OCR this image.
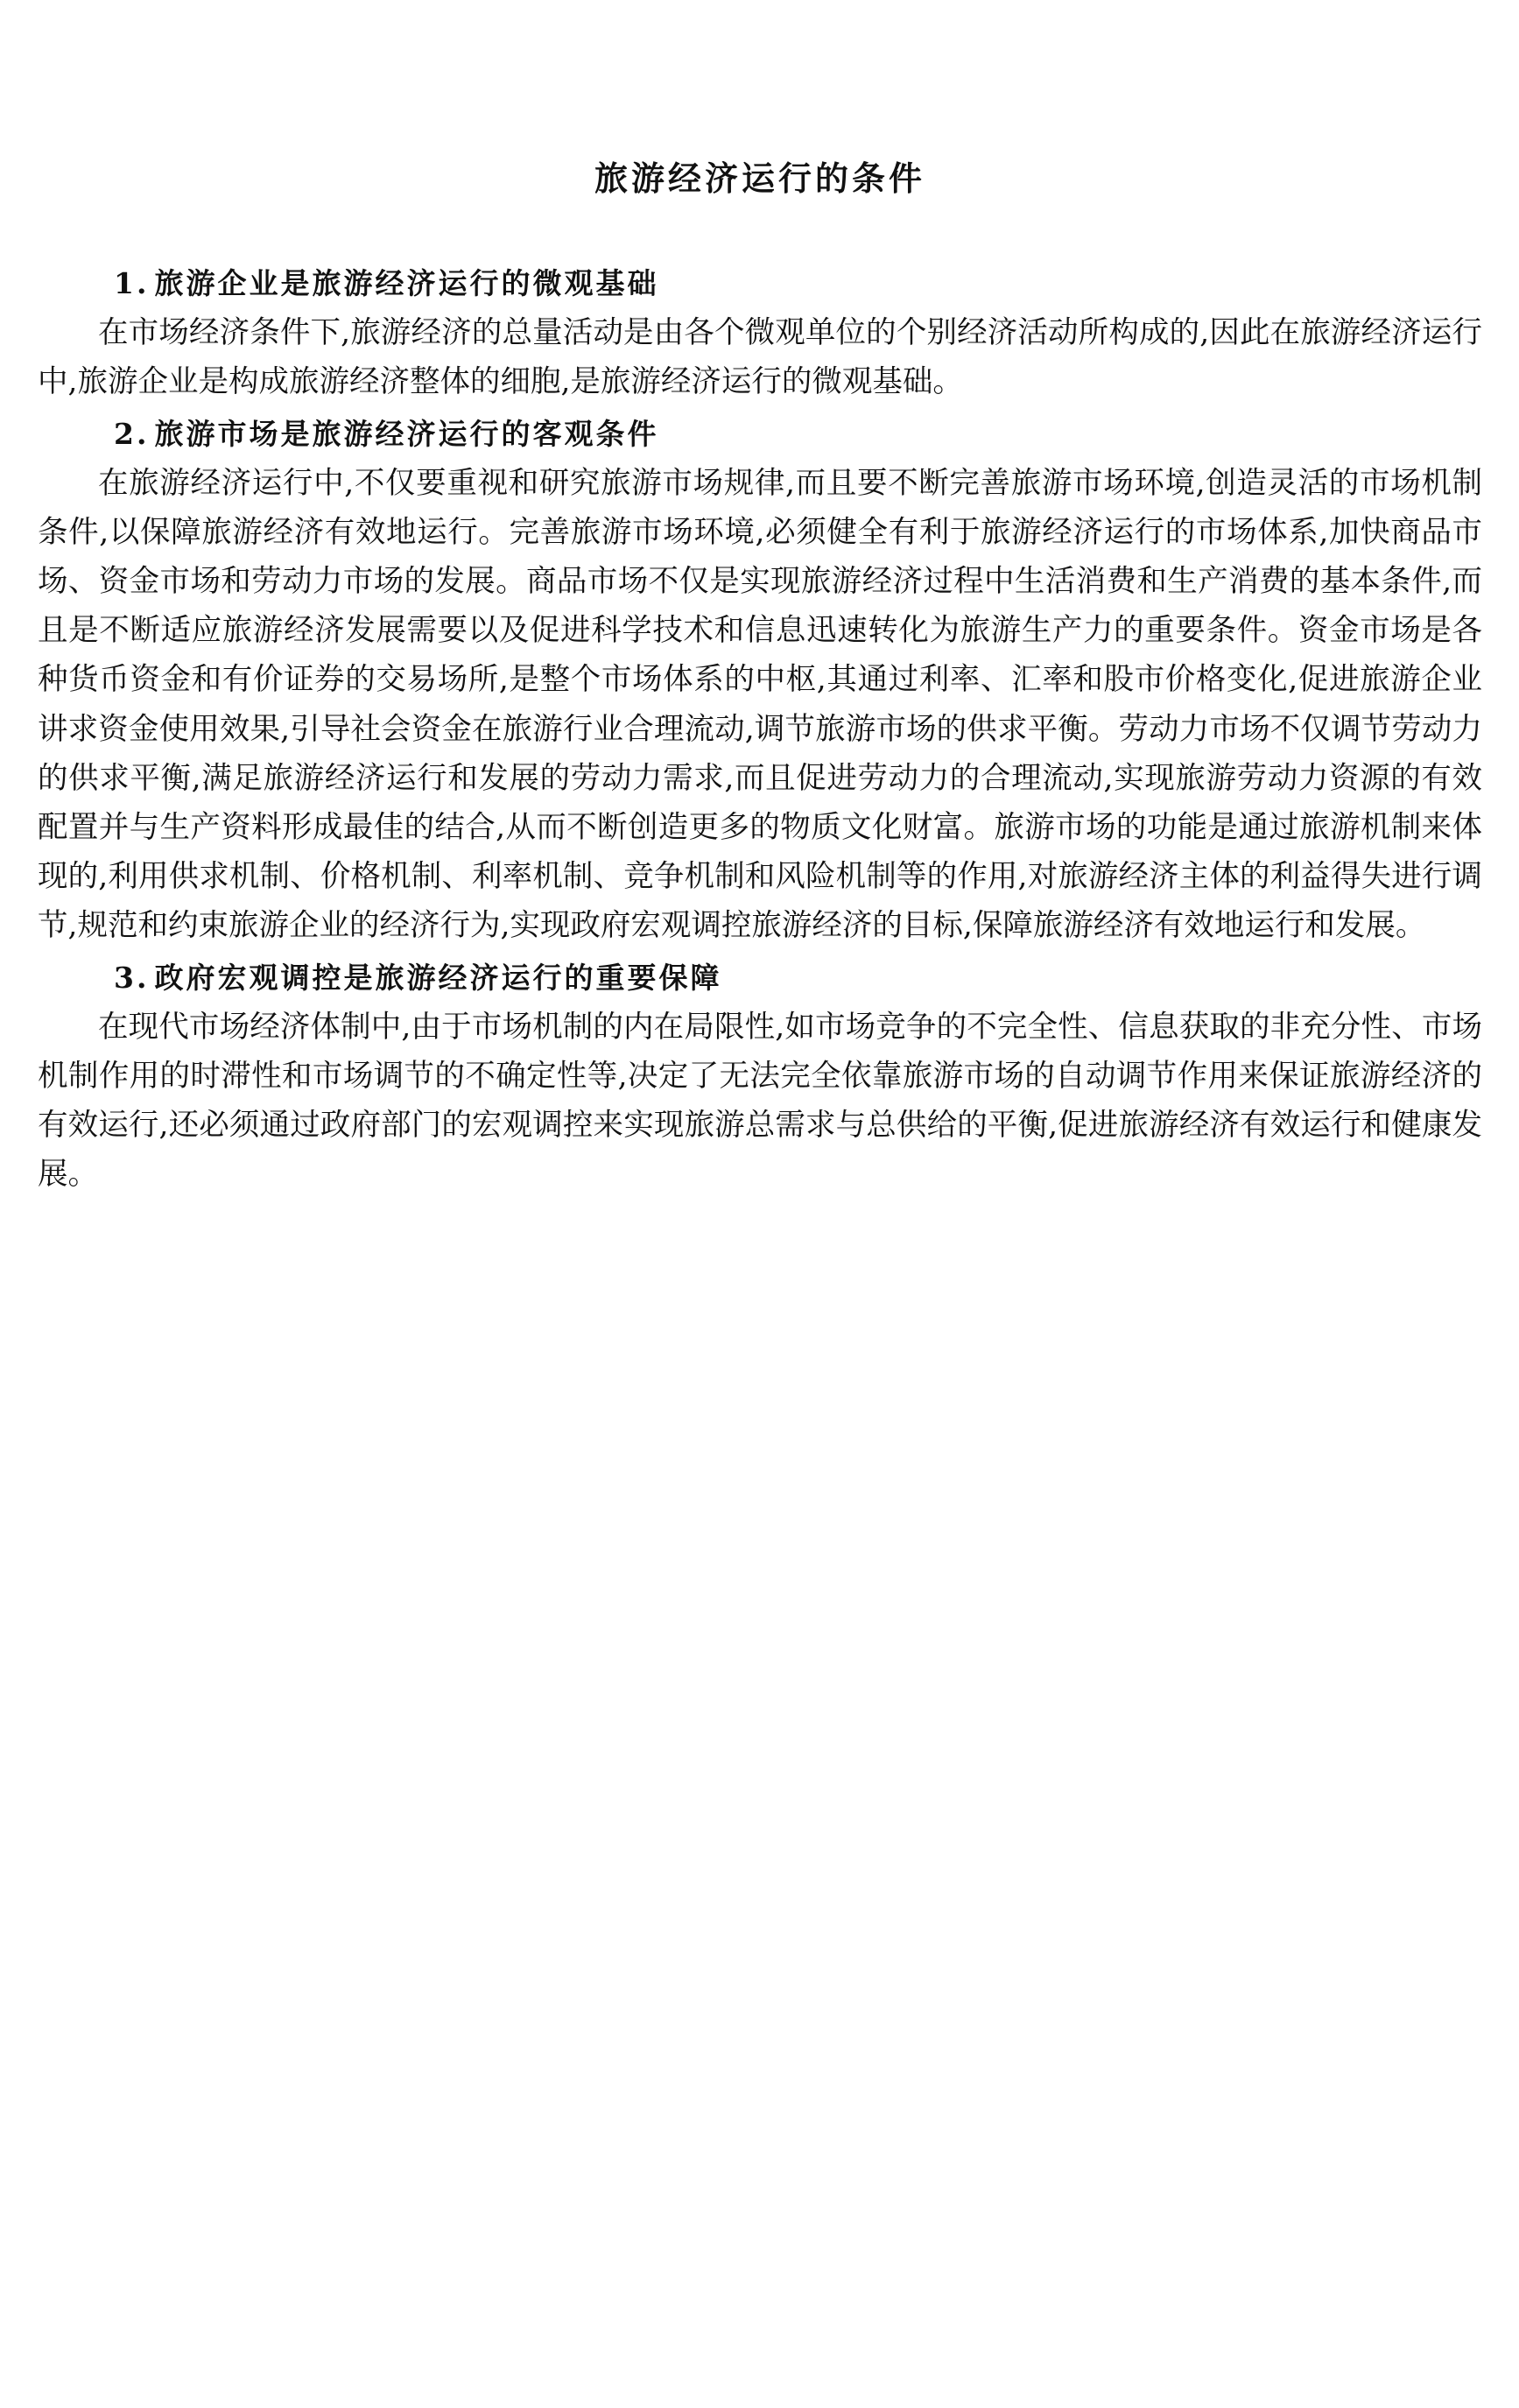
旅游经济运行的条件
1. 旅游企业是旅游经济运行的微观基础

在市场经济条件下,旅游经济的总量活动是由各个微观单位的个别经济活动所构成的,因此在旅游经济运行中,旅游企业是构成旅游经济整体的细胞,是旅游经济运行的微观基础。

2. 旅游市场是旅游经济运行的客观条件

在旅游经济运行中,不仅要重视和研究旅游市场规律,而且要不断完善旅游市场环境,创造灵活的市场机制条件,以保障旅游经济有效地运行。完善旅游市场环境,必须健全有利于旅游经济运行的市场体系,加快商品市场、资金市场和劳动力市场的发展。商品市场不仅是实现旅游经济过程中生活消费和生产消费的基本条件,而且是不断适应旅游经济发展需要以及促进科学技术和信息迅速转化为旅游生产力的重要条件。资金市场是各种货币资金和有价证券的交易场所,是整个市场体系的中枢,其通过利率、汇率和股市价格变化,促进旅游企业讲求资金使用效果,引导社会资金在旅游行业合理流动,调节旅游市场的供求平衡。劳动力市场不仅调节劳动力的供求平衡,满足旅游经济运行和发展的劳动力需求,而且促进劳动力的合理流动,实现旅游劳动力资源的有效配置并与生产资料形成最佳的结合,从而不断创造更多的物质文化财富。旅游市场的功能是通过旅游机制来体现的,利用供求机制、价格机制、利率机制、竞争机制和风险机制等的作用,对旅游经济主体的利益得失进行调节,规范和约束旅游企业的经济行为,实现政府宏观调控旅游经济的目标,保障旅游经济有效地运行和发展。

3. 政府宏观调控是旅游经济运行的重要保障

在现代市场经济体制中,由于市场机制的内在局限性,如市场竞争的不完全性、信息获取的非充分性、市场机制作用的时滞性和市场调节的不确定性等,决定了无法完全依靠旅游市场的自动调节作用来保证旅游经济的有效运行,还必须通过政府部门的宏观调控来实现旅游总需求与总供给的平衡,促进旅游经济有效运行和健康发展。
